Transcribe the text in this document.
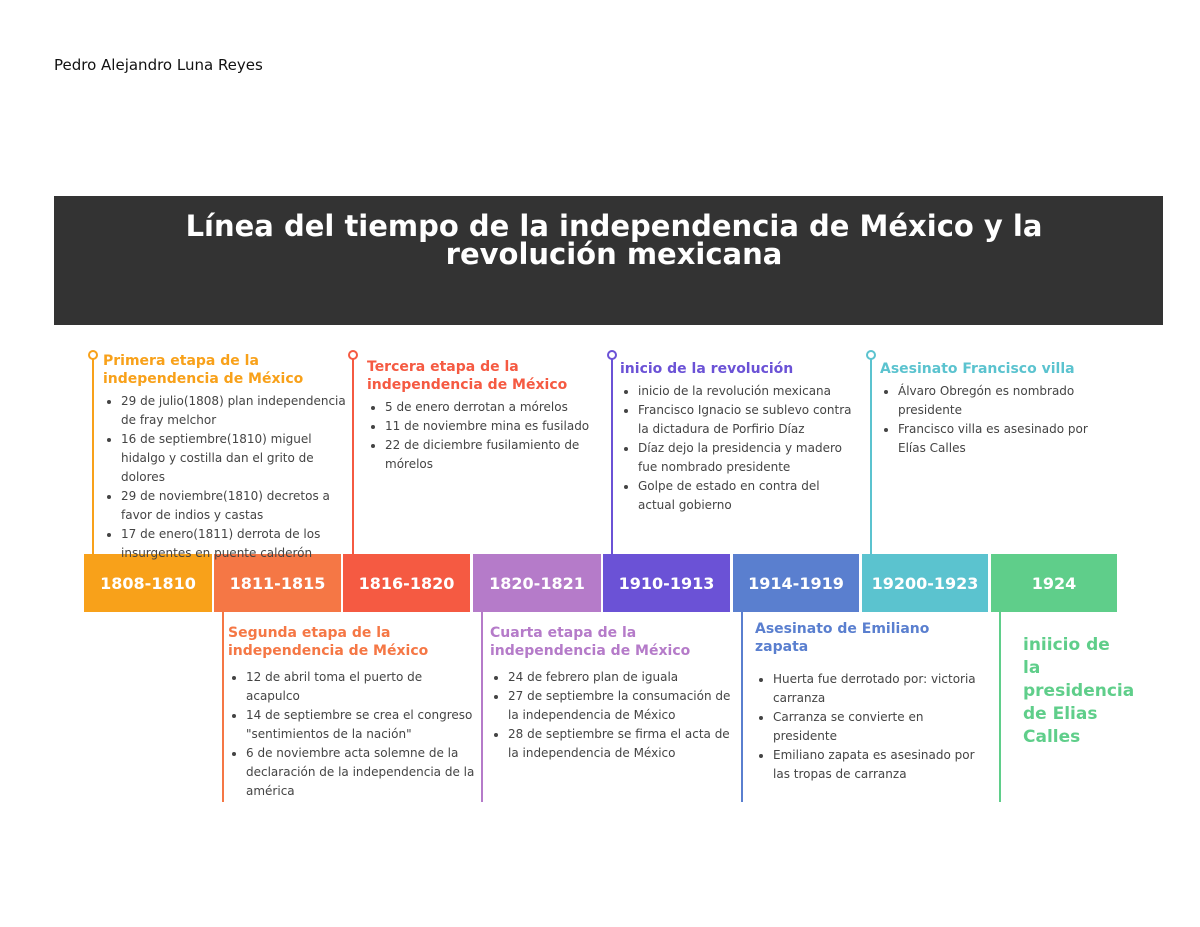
Pedro Alejandro Luna Reyes
Línea del tiempo de la independencia de México y la
revolución mexicana
1808-1810	1811-1815	1816-1820	1820-1821	1910-1913	1914-1919	19200-1923	1924
Primera etapa de la independencia de México
• 29 de julio(1808) plan independencia de fray melchor
• 16 de septiembre(1810) miguel hidalgo y costilla dan el grito de dolores
• 29 de noviembre(1810) decretos a favor de indios y castas
• 17 de enero(1811) derrota de los insurgentes en puente calderón
Tercera etapa de la independencia de México
• 5 de enero derrotan a mórelos
• 11 de noviembre mina es fusilado
• 22 de diciembre fusilamiento de mórelos
inicio de la revolución
• inicio de la revolución mexicana
• Francisco Ignacio se sublevo contra la dictadura de Porfirio Díaz
• Díaz dejo la presidencia y madero fue nombrado presidente
• Golpe de estado en contra del actual gobierno
Asesinato Francisco villa
• Álvaro Obregón es nombrado presidente
• Francisco villa es asesinado por Elías Calles
Segunda etapa de la independencia de México
• 12 de abril toma el puerto de acapulco
• 14 de septiembre se crea el congreso "sentimientos de la nación"
• 6 de noviembre acta solemne de la declaración de la independencia de la américa
Cuarta etapa de la independencia de México
• 24 de febrero plan de iguala
• 27 de septiembre la consumación de la independencia de México
• 28 de septiembre se firma el acta de la independencia de México
Asesinato de Emiliano zapata
• Huerta fue derrotado por: victoria carranza
• Carranza se convierte en presidente
• Emiliano zapata es asesinado por las tropas de carranza
iniicio de la presidencia de Elias Calles
